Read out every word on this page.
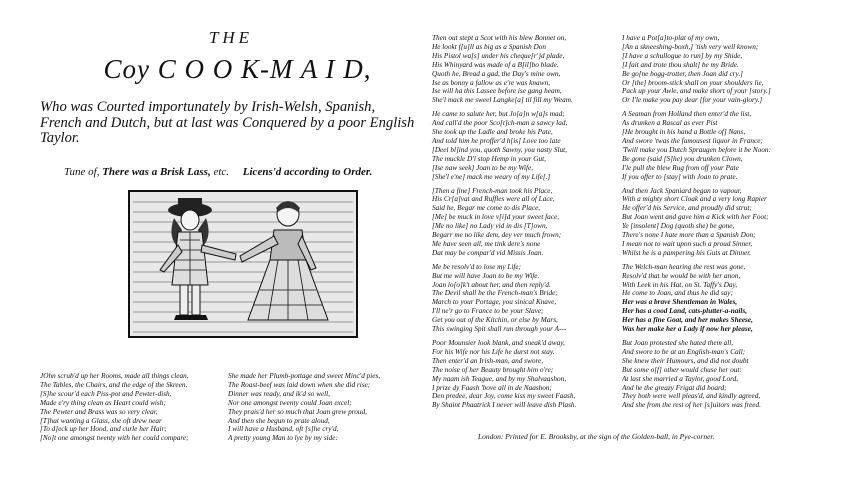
THE
Coy C O O K-M A I D,
Who was Courted importunately by Irish-Welsh, Spanish, French and Dutch, but at last was Conquered by a poor English Taylor.
Tune of, There was a Brisk Lass, etc. Licens'd according to Order.
JOhn scrub'd up her Rooms, made all things clean,
The Tables, the Chairs, and the edge of the Skreen,
[S]he scour'd each Piss-pot and Pewter-dish,
Made e'ry thing clean as Heart could wish;
The Pewter and Brass was so very clear,
[T]hat wanting a Glass, she oft drew near
[To d]eck up her Hood, and curle her Hair;
[No]t one amongst twenty with her could compare;
She made her Plumb-pottage and sweet Minc'd pies,
The Roast-beef was laid down when she did rise;
Dinner was ready, and ik'd so well,
Nor one amongst twenty could Joan excel;
They prais'd her so much that Joan grew proud,
And then she begun to prate aloud,
I will have a Husband, oft [s]he cry'd,
A pretty young Man to lye by my side:
Then out stept a Scot with his blew Bonnet on,
He lookt f[u]ll as big as a Spanish Don
His Pistol wa[s] under his cheque[r'}d plade,
His Whinyard was made of a B[il]bo blade.
Quoth he, Bread a gad, the Day's mine own,
Ise as bonny a fallow as e're was knawn,
Ise will ha this Lassee before ise gang heam,
She'l mack me sweel Langke[a] til fill my Weam.
He came to salute her, but Jo[a]n w[a]s mad;
And call'd the poor Sco[t]ch-man a sawcy lad,
She took up the Ladle and broke his Pate,
And told him he proffer'd h[is] Love too late
[Deel bl]ind you, quoth Sawny, you nasty Slut,
The muckle D'l stop Hemp in your Gut,
[Ise naw seek] Joan to be my Wife,
[She'l e'ne] mack me weary of my Life[.]
[Then a fine] French-man took his Place,
His Cr[a]vat and Ruffles were all of Lace,
Said he, Begar me come to dis Place,
[Me] be muck in love v[i]d your sweet face,
[Me no like] no Lady vid in dis [T]own,
Begarr me no like dem, dey ver much frown;
Me have seen all, me tink dere's none
Dat may be compar'd vid Missis Joan.
Me be resolv'd to lose my Life;
But me will have Joan to be my Wife.
Joan lo[o]k't about her, and then reply'd.
The Devil shall be the French-man's Bride;
March to your Portage, you sinical Knave,
I'll ne'r go to France to be your Slave;
Get you out of the Kitchin, or else by Mars,
This swinging Spit shall run through your A---
Poor Mounsier look blank, and sneak'd away,
For his Wife nor his Life he durst not stay.
Then enter'd an Irish-man, and swore,
The noise of her Beauty brought him o're;
My naam ish Teague, and by my Shalvaashon,
I prize dy Faash 'bove all in de Naashon;
Den predee, dear Joy, come kiss my sweet Faash,
By Shaint Phaatrick I never will leave dish Plash.
I have a Pot[a]to-plat of my own,
[An a skneeshing-boxh,] 'tish very well known;
[I have a schullogue to run] by my Shide,
[I fait and trote thou shalt] be my Bride.
Be go[ne bogg-trotter, then Joan did cry.]
Or [the] broom-stick shall on your shoulders lie,
Pack up your Awle, and make short of your [story.]
Or I'le make you pay dear [for your vain-glory.]
A Seaman from Holland then enter'd the list,
As drunken a Rascal as ever Pist
[He brought in his hand a Bottle of] Nans,
And swore 'twas the famousest liquor in France;
'Twill make you Dutch Spraugen before it be Noon:
Be gone (said [S]he) you drunken Clown,
I'le pull the blew Rug from off your Pate
If you offer to [stay] with Joan to prate.
And then Jack Spaniard began to vapour,
With a mighty short Cloak and a very long Rapier
He offer'd his Service, and proudly did strut;
But Joan went and gave him a Kick with her Foot;
Ye [insolent] Dog (quoth she) be gone,
There's none I hate more than a Spanish Don;
I mean not to wait upon such a proud Sinner,
Whilst he is a pampering his Guts at Dinner.
The Welch-man hearing the rest was gone,
Resolv'd that he would be with her anon,
With Leek in his Hat, on St. Taffy's Day,
He come to Joan, and thus he did say;
Her was a brave Shentleman in Wales,
Her has a cood Land, cats-plutter-a-nails,
Her has a fine Goat, and her makes Sheese,
Was her make her a Lady if now her please,
But Joan protested she hated them all,
And swore to be at an English-man's Call;
She knew their Humours, and did not doubt
But some o[f] other would chuse her out:
At last she married a Taylor, good Lord,
And he the greazy Frigat did board;
They both were well pleas'd, and kindly agreed,
And she from the rest of her [s]uitors was freed.
London: Printed for E. Brooksby, at the sign of the Golden-ball, in Pye-corner.
